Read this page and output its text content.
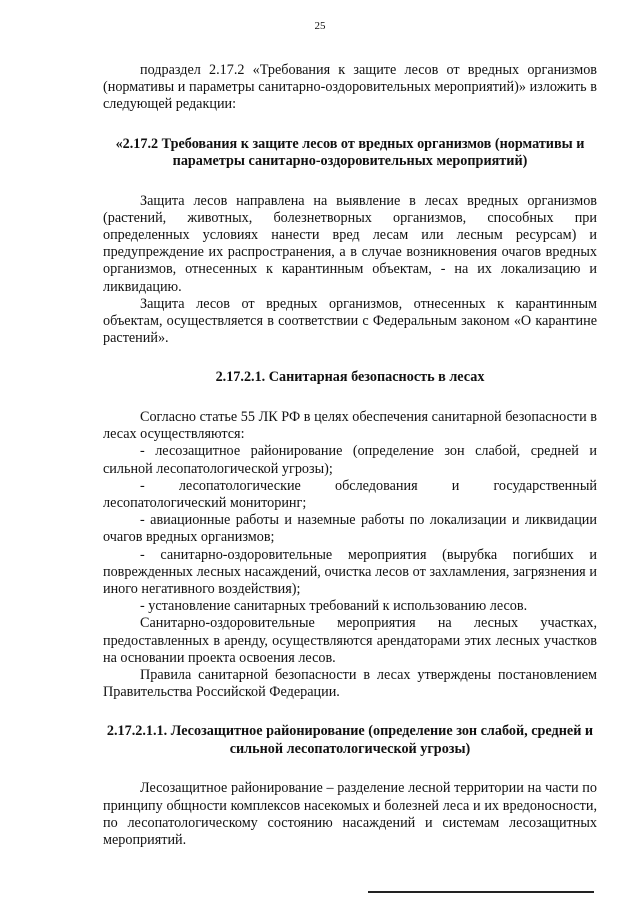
25

подраздел 2.17.2 «Требования к защите лесов от вредных организмов (нормативы и параметры санитарно-оздоровительных мероприятий)» изложить в следующей редакции:

«2.17.2 Требования к защите лесов от вредных организмов (нормативы и параметры санитарно-оздоровительных мероприятий)

Защита лесов направлена на выявление в лесах вредных организмов (растений, животных, болезнетворных организмов, способных при определенных условиях нанести вред лесам или лесным ресурсам) и предупреждение их распространения, а в случае возникновения очагов вредных организмов, отнесенных к карантинным объектам, - на их локализацию и ликвидацию.

Защита лесов от вредных организмов, отнесенных к карантинным объектам, осуществляется в соответствии с Федеральным законом «О карантине растений».

2.17.2.1. Санитарная безопасность в лесах

Согласно статье 55 ЛК РФ в целях обеспечения санитарной безопасности в лесах осуществляются:

- лесозащитное районирование (определение зон слабой, средней и сильной лесопатологической угрозы);

- лесопатологические обследования и государственный лесопатологический мониторинг;

- авиационные работы и наземные работы по локализации и ликвидации очагов вредных организмов;

- санитарно-оздоровительные мероприятия (вырубка погибших и поврежденных лесных насаждений, очистка лесов от захламления, загрязнения и иного негативного воздействия);

- установление санитарных требований к использованию лесов.

Санитарно-оздоровительные мероприятия на лесных участках, предоставленных в аренду, осуществляются арендаторами этих лесных участков на основании проекта освоения лесов.

Правила санитарной безопасности в лесах утверждены постановлением Правительства Российской Федерации.

2.17.2.1.1. Лесозащитное районирование (определение зон слабой, средней и сильной лесопатологической угрозы)

Лесозащитное районирование – разделение лесной территории на части по принципу общности комплексов насекомых и болезней леса и их вредоносности, по лесопатологическому состоянию насаждений и системам лесозащитных мероприятий.
